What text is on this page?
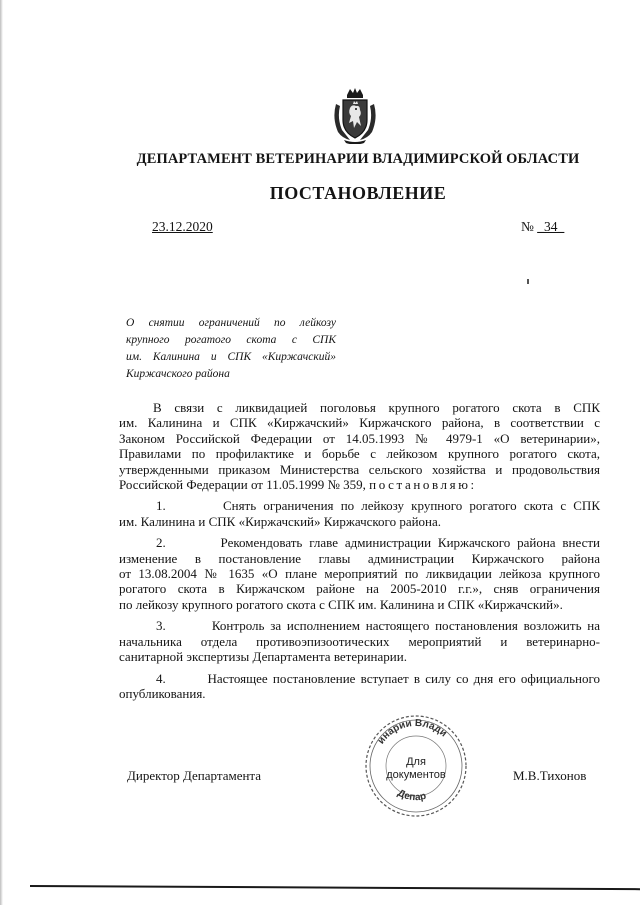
ДЕПАРТАМЕНТ ВЕТЕРИНАРИИ ВЛАДИМИРСКОЙ ОБЛАСТИ
ПОСТАНОВЛЕНИЕ
23.12.2020	№ _34_
О снятии ограничений по лейкозу
крупного рогатого скота с СПК
им. Калинина и СПК «Киржачский»
Киржачского района
В связи с ликвидацией поголовья крупного рогатого скота в СПК
им. Калинина и СПК «Киржачский» Киржачского района, в соответствии с
Законом Российской Федерации от 14.05.1993 № 4979-1 «О ветеринарии»,
Правилами по профилактике и борьбе с лейкозом крупного рогатого скота,
утвержденными приказом Министерства сельского хозяйства и продовольствия
Российской Федерации от 11.05.1999 № 359, постановляю:
1.        Снять ограничения по лейкозу крупного рогатого скота с СПК
им. Калинина и СПК «Киржачский» Киржачского района.
2.        Рекомендовать главе администрации Киржачского района внести
изменение в постановление главы администрации Киржачского района
от 13.08.2004 № 1635 «О плане мероприятий по ликвидации лейкоза крупного
рогатого скота в Киржачском районе на 2005-2010 г.г.», сняв ограничения
по лейкозу крупного рогатого скота с СПК им. Калинина и СПК «Киржачский».
3.        Контроль за исполнением настоящего постановления возложить на
начальника отдела противоэпизоотических мероприятий и ветеринарно-
санитарной экспертизы Департамента ветеринарии.
4.        Настоящее постановление вступает в силу со дня его официального
опубликования.
инарии Влади
Депар
Для
документов
Директор Департамента	М.В.Тихонов
